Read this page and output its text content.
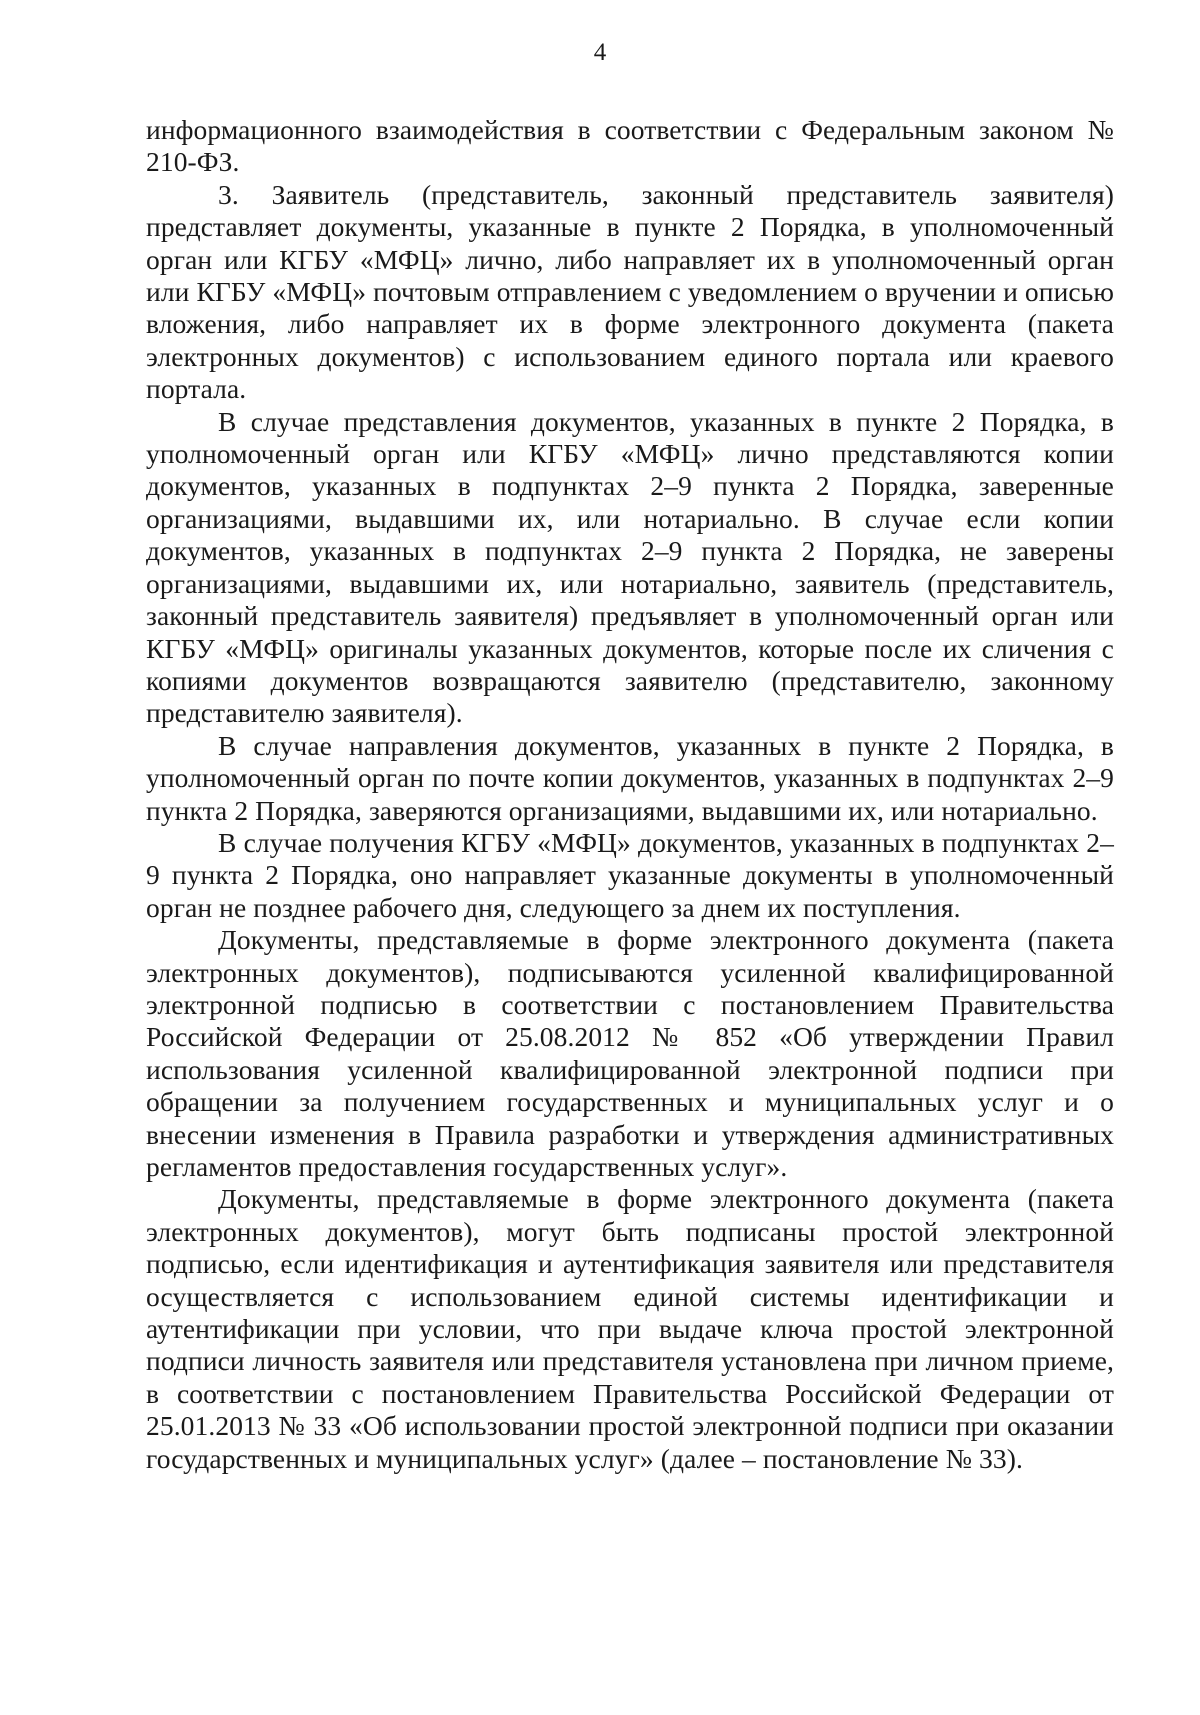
4

информационного взаимодействия в соответствии с Федеральным законом № 210-ФЗ.

3. Заявитель (представитель, законный представитель заявителя) представляет документы, указанные в пункте 2 Порядка, в уполномоченный орган или КГБУ «МФЦ» лично, либо направляет их в уполномоченный орган или КГБУ «МФЦ» почтовым отправлением с уведомлением о вручении и описью вложения, либо направляет их в форме электронного документа (пакета электронных документов) с использованием единого портала или краевого портала.

В случае представления документов, указанных в пункте 2 Порядка, в уполномоченный орган или КГБУ «МФЦ» лично представляются копии документов, указанных в подпунктах 2–9 пункта 2 Порядка, заверенные организациями, выдавшими их, или нотариально. В случае если копии документов, указанных в подпунктах 2–9 пункта 2 Порядка, не заверены организациями, выдавшими их, или нотариально, заявитель (представитель, законный представитель заявителя) предъявляет в уполномоченный орган или КГБУ «МФЦ» оригиналы указанных документов, которые после их сличения с копиями документов возвращаются заявителю (представителю, законному представителю заявителя).

В случае направления документов, указанных в пункте 2 Порядка, в уполномоченный орган по почте копии документов, указанных в подпунктах 2–9 пункта 2 Порядка, заверяются организациями, выдавшими их, или нотариально.

В случае получения КГБУ «МФЦ» документов, указанных в подпунктах 2–9 пункта 2 Порядка, оно направляет указанные документы в уполномоченный орган не позднее рабочего дня, следующего за днем их поступления.

Документы, представляемые в форме электронного документа (пакета электронных документов), подписываются усиленной квалифицированной электронной подписью в соответствии с постановлением Правительства Российской Федерации от 25.08.2012 № 852 «Об утверждении Правил использования усиленной квалифицированной электронной подписи при обращении за получением государственных и муниципальных услуг и о внесении изменения в Правила разработки и утверждения административных регламентов предоставления государственных услуг».

Документы, представляемые в форме электронного документа (пакета электронных документов), могут быть подписаны простой электронной подписью, если идентификация и аутентификация заявителя или представителя осуществляется с использованием единой системы идентификации и аутентификации при условии, что при выдаче ключа простой электронной подписи личность заявителя или представителя установлена при личном приеме, в соответствии с постановлением Правительства Российской Федерации от 25.01.2013 № 33 «Об использовании простой электронной подписи при оказании государственных и муниципальных услуг» (далее – постановление № 33).
